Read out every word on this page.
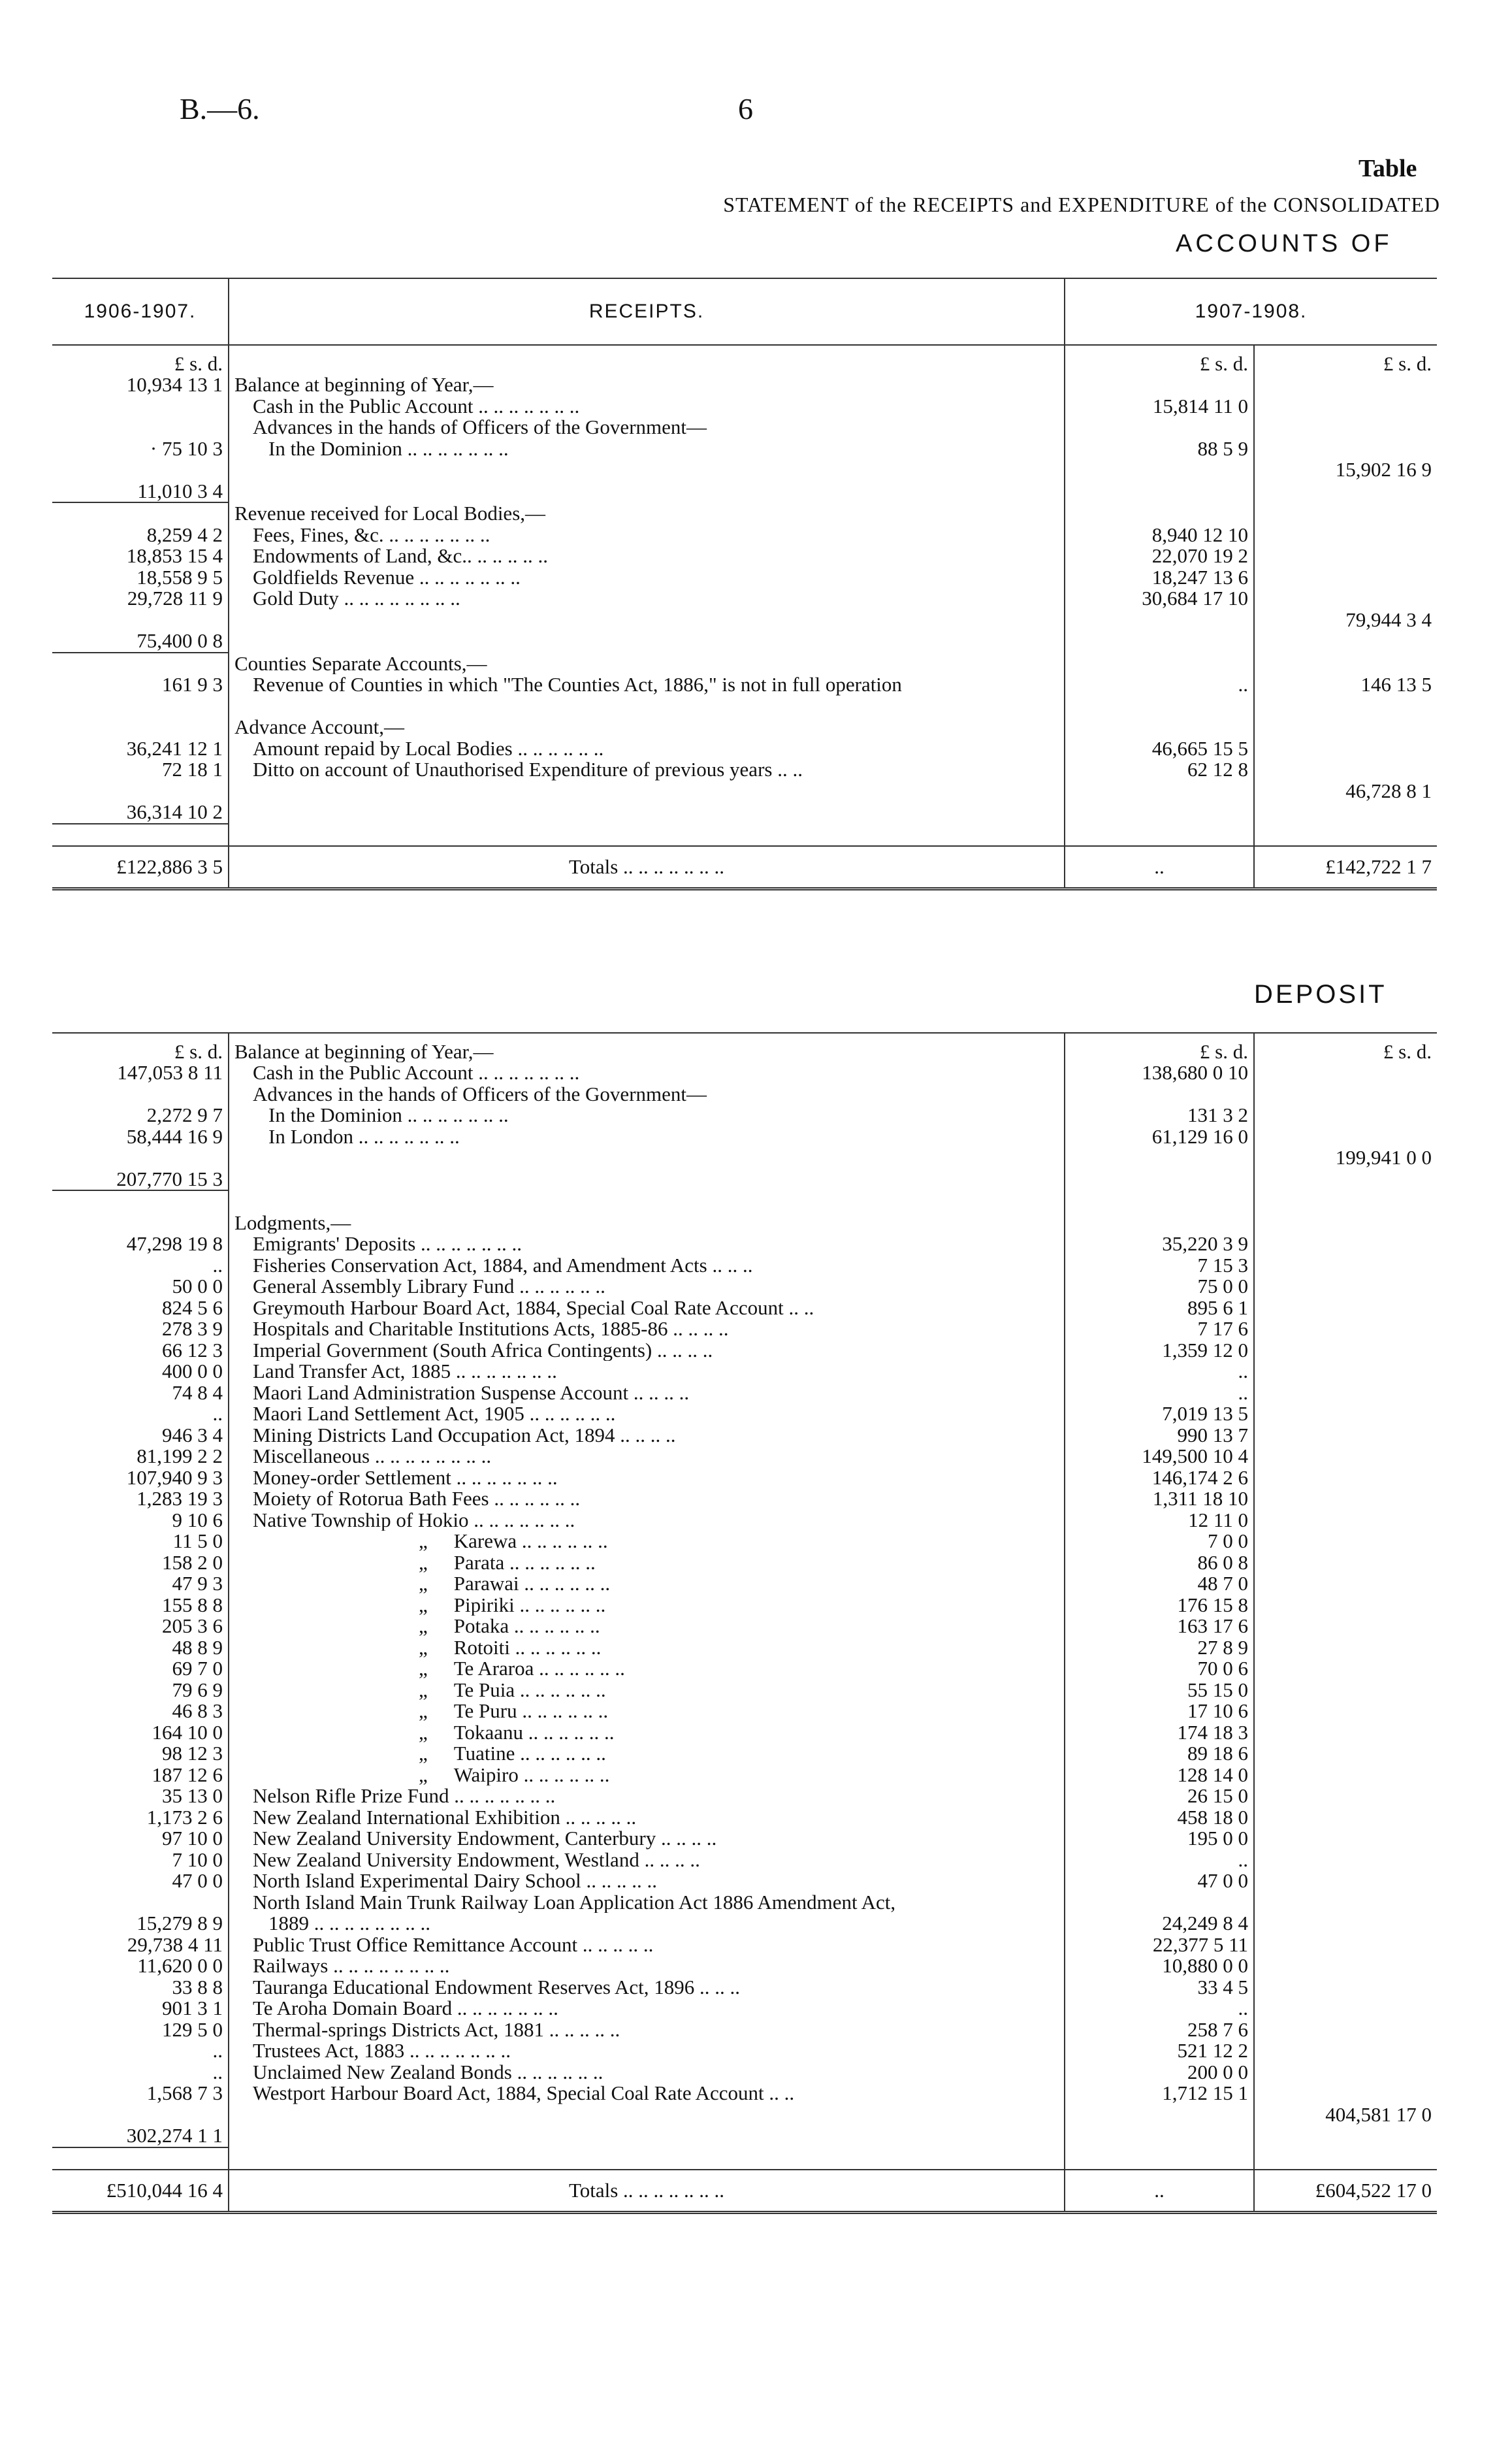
B.—6.	6
Table
STATEMENT of the RECEIPTS and EXPENDITURE of the CONSOLIDATED
ACCOUNTS OF
1906-1907.	RECEIPTS.	1907-1908.	
£ s. d.		£ s. d.	£ s. d.
10,934 13 1	Balance at beginning of Year,—		
	Cash in the Public Account .. .. .. .. .. .. ..	15,814 11 0	
	Advances in the hands of Officers of the Government—		
· 75 10 3	In the Dominion .. .. .. .. .. .. ..	88 5 9	
			15,902 16 9
11,010 3 4			
	Revenue received for Local Bodies,—		
8,259 4 2	Fees, Fines, &c. .. .. .. .. .. .. ..	8,940 12 10	
18,853 15 4	Endowments of Land, &c.. .. .. .. .. ..	22,070 19 2	
18,558 9 5	Goldfields Revenue .. .. .. .. .. .. ..	18,247 13 6	
29,728 11 9	Gold Duty .. .. .. .. .. .. .. ..	30,684 17 10	
			79,944 3 4
75,400 0 8			
	Counties Separate Accounts,—		
161 9 3	Revenue of Counties in which "The Counties Act, 1886," is not in full operation	..	146 13 5

	Advance Account,—		
36,241 12 1	Amount repaid by Local Bodies .. .. .. .. .. ..	46,665 15 5	
72 18 1	Ditto on account of Unauthorised Expenditure of previous years .. ..	62 12 8	
			46,728 8 1
36,314 10 2			

£122,886 3 5	Totals .. .. .. .. .. .. ..	..	£142,722 1 7
DEPOSIT
£ s. d.	Balance at beginning of Year,—	£ s. d.	£ s. d.
147,053 8 11	Cash in the Public Account .. .. .. .. .. .. ..	138,680 0 10	
	Advances in the hands of Officers of the Government—		
2,272 9 7	In the Dominion .. .. .. .. .. .. ..	131 3 2	
58,444 16 9	In London .. .. .. .. .. .. ..	61,129 16 0	
			199,941 0 0
207,770 15 3			

	Lodgments,—		
47,298 19 8	Emigrants' Deposits .. .. .. .. .. .. ..	35,220 3 9	
..	Fisheries Conservation Act, 1884, and Amendment Acts .. .. ..	7 15 3	
50 0 0	General Assembly Library Fund .. .. .. .. .. ..	75 0 0	
824 5 6	Greymouth Harbour Board Act, 1884, Special Coal Rate Account .. ..	895 6 1	
278 3 9	Hospitals and Charitable Institutions Acts, 1885-86 .. .. .. ..	7 17 6	
66 12 3	Imperial Government (South Africa Contingents) .. .. .. ..	1,359 12 0	
400 0 0	Land Transfer Act, 1885 .. .. .. .. .. .. ..	..	
74 8 4	Maori Land Administration Suspense Account .. .. .. ..	..	
..	Maori Land Settlement Act, 1905 .. .. .. .. .. ..	7,019 13 5	
946 3 4	Mining Districts Land Occupation Act, 1894 .. .. .. ..	990 13 7	
81,199 2 2	Miscellaneous .. .. .. .. .. .. .. ..	149,500 10 4	
107,940 9 3	Money-order Settlement .. .. .. .. .. .. ..	146,174 2 6	
1,283 19 3	Moiety of Rotorua Bath Fees .. .. .. .. .. ..	1,311 18 10	
9 10 6	Native Township of Hokio .. .. .. .. .. .. ..	12 11 0	
11 5 0	„ Karewa .. .. .. .. .. ..	7 0 0	
158 2 0	„ Parata .. .. .. .. .. ..	86 0 8	
47 9 3	„ Parawai .. .. .. .. .. ..	48 7 0	
155 8 8	„ Pipiriki .. .. .. .. .. ..	176 15 8	
205 3 6	„ Potaka .. .. .. .. .. ..	163 17 6	
48 8 9	„ Rotoiti .. .. .. .. .. ..	27 8 9	
69 7 0	„ Te Araroa .. .. .. .. .. ..	70 0 6	
79 6 9	„ Te Puia .. .. .. .. .. ..	55 15 0	
46 8 3	„ Te Puru .. .. .. .. .. ..	17 10 6	
164 10 0	„ Tokaanu .. .. .. .. .. ..	174 18 3	
98 12 3	„ Tuatine .. .. .. .. .. ..	89 18 6	
187 12 6	„ Waipiro .. .. .. .. .. ..	128 14 0	
35 13 0	Nelson Rifle Prize Fund .. .. .. .. .. .. ..	26 15 0	
1,173 2 6	New Zealand International Exhibition .. .. .. .. ..	458 18 0	
97 10 0	New Zealand University Endowment, Canterbury .. .. .. ..	195 0 0	
7 10 0	New Zealand University Endowment, Westland .. .. .. ..	..	
47 0 0	North Island Experimental Dairy School .. .. .. .. ..	47 0 0	
	North Island Main Trunk Railway Loan Application Act 1886 Amendment Act,		
15,279 8 9	1889 .. .. .. .. .. .. .. ..	24,249 8 4	
29,738 4 11	Public Trust Office Remittance Account .. .. .. .. ..	22,377 5 11	
11,620 0 0	Railways .. .. .. .. .. .. .. ..	10,880 0 0	
33 8 8	Tauranga Educational Endowment Reserves Act, 1896 .. .. ..	33 4 5	
901 3 1	Te Aroha Domain Board .. .. .. .. .. .. ..	..	
129 5 0	Thermal-springs Districts Act, 1881 .. .. .. .. ..	258 7 6	
..	Trustees Act, 1883 .. .. .. .. .. .. ..	521 12 2	
..	Unclaimed New Zealand Bonds .. .. .. .. .. ..	200 0 0	
1,568 7 3	Westport Harbour Board Act, 1884, Special Coal Rate Account .. ..	1,712 15 1	
			404,581 17 0
302,274 1 1			

£510,044 16 4	Totals .. .. .. .. .. .. ..	..	£604,522 17 0
